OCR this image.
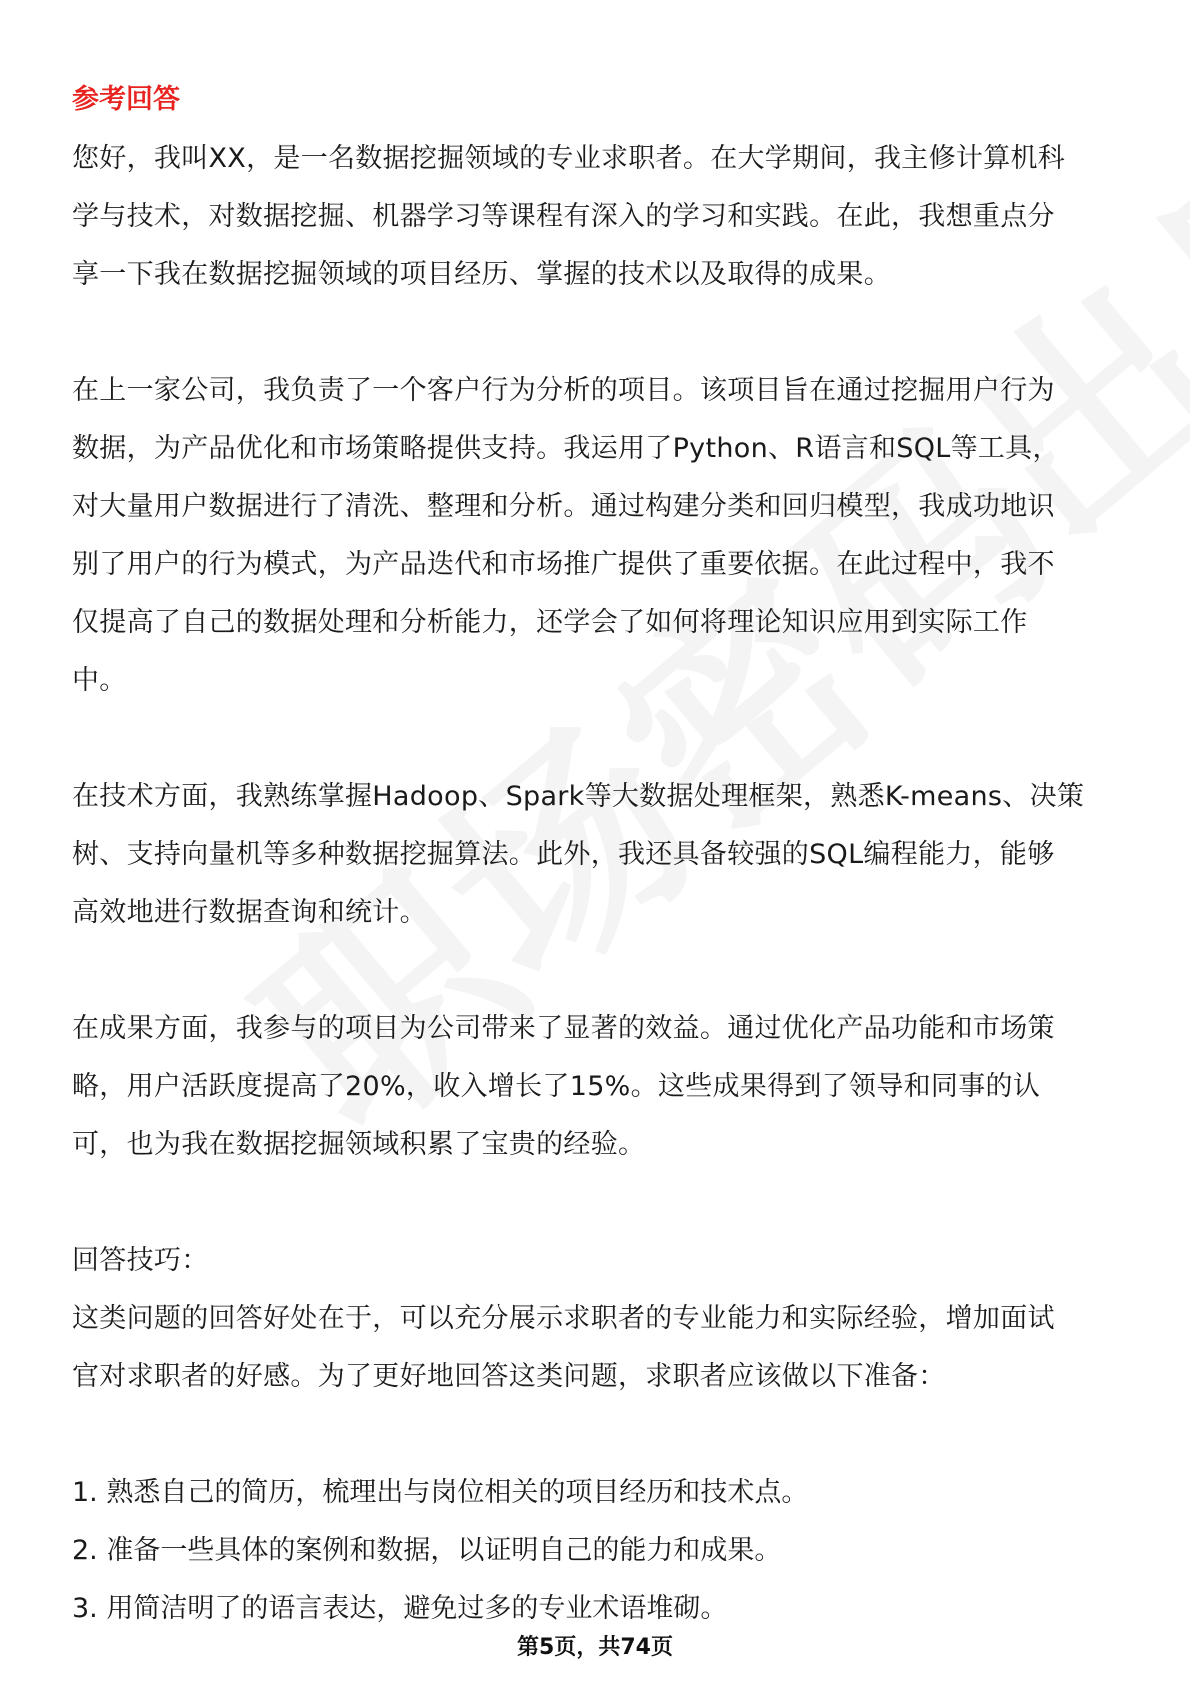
参考回答
您好，我叫XX，是一名数据挖掘领域的专业求职者。在大学期间，我主修计算机科
学与技术，对数据挖掘、机器学习等课程有深入的学习和实践。在此，我想重点分
享一下我在数据挖掘领域的项目经历、掌握的技术以及取得的成果。
在上一家公司，我负责了一个客户行为分析的项目。该项目旨在通过挖掘用户行为
数据，为产品优化和市场策略提供支持。我运用了Python、R语言和SQL等工具，
对大量用户数据进行了清洗、整理和分析。通过构建分类和回归模型，我成功地识
别了用户的行为模式，为产品迭代和市场推广提供了重要依据。在此过程中，我不
仅提高了自己的数据处理和分析能力，还学会了如何将理论知识应用到实际工作
中。
在技术方面，我熟练掌握Hadoop、Spark等大数据处理框架，熟悉K-means、决策
树、支持向量机等多种数据挖掘算法。此外，我还具备较强的SQL编程能力，能够
高效地进行数据查询和统计。
在成果方面，我参与的项目为公司带来了显著的效益。通过优化产品功能和市场策
略，用户活跃度提高了20%，收入增长了15%。这些成果得到了领导和同事的认
可，也为我在数据挖掘领域积累了宝贵的经验。
回答技巧：
这类问题的回答好处在于，可以充分展示求职者的专业能力和实际经验，增加面试
官对求职者的好感。为了更好地回答这类问题，求职者应该做以下准备：
1. 熟悉自己的简历，梳理出与岗位相关的项目经历和技术点。
2. 准备一些具体的案例和数据，以证明自己的能力和成果。
3. 用简洁明了的语言表达，避免过多的专业术语堆砌。
第5页，共74页
